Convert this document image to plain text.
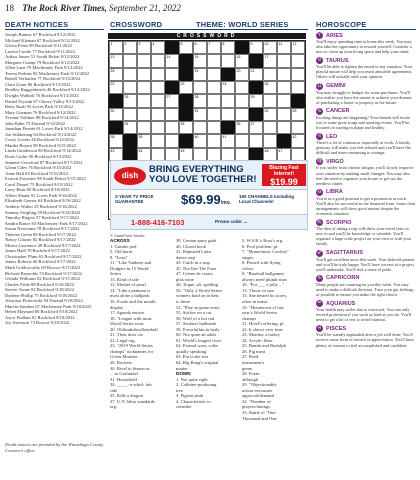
18 The Rock River Times, September 21, 2022
DEATH NOTICES	CROSSWORD	THEME: WORLD SERIES	HOROSCOPE
Joseph Rantisi 67 Rockford 9/12/2022
Michael Kleinau 67 Rockford 9/12/2022
Gloria Perez 89 Rockford 9/11/2022
Lucien Casale 77 Rockford 9/11/2022
Arthur James 51 South Beloit 9/12/2022
Margaret Cramp 79 Rockford 9/12/2022
Allen Lane 70 Machesney Park 9/12/2022
Teresa Perkins 82 Machesney Park 9/13/2022
Rubell Verkuilen 77 Rockford 9/13/2022
Clara Grant 86 Rockford 9/13/2022
Bradley Ruggenbusch 46 Rockford 9/12/2022
Dwight Walbrik 76 Rockford 9/13/2022
Daniel Frystak 67 Cherry Valley 9/13/2022
Betty Rush 95 Loves Park 9/13/2022
Mary Guzman 76 Rockford 9/12/2022
Yvonne Vollmer 88 Rockford 9/14/2022
John Rahn 75 Durand 9/14/2022
Jonathan Pinette 61 Loves Park 9/14/2022
Jon Stikkentag 64 Rockford 9/14/2022
Corey Lovins 26 Rockford 9/14/2022
Martha Bryant 98 Rockford 9/15/2022
Linda Gunderson 80 Rockford 9/14/2022
Doris Catlin 96 Rockford 9/15/2022
Jeanette Crawford 87 Rockford 9/17/2022
Glenn Giles 76 Rockford 9/15/2022
Anne Hall 65 Rockford 9/15/2022
Everett Forrester 98 South Beloit 9/15/2022
Carol Dassel 75 Rockford 9/15/2022
Larry Blair 60 Rockford 9/16/2022
Albert Shunk 91 Loves Park 9/16/2022
Elizabeth Gomez 64 Rockford 9/16/2022
Andrew Walter 25 Rockford 9/16/2022
Sammy Stripling 59 Rockford 9/16/2022
Timothy Rogers 57 Rockford 9/17/2022
Sandra Rance 83 Machesney Park 9/17/2022
Susan Newsome 78 Rockford 9/17/2022
Theresa Green 86 Rockford 9/17/2022
Nancy Glazier 82 Rockford 9/17/2022
Mosiri Lawrence 48 Rockford 9/17/2022
Joann Hadl 78 Rockford 9/17/2022
Christopher Plum 63 Rockford 9/17/2022
James Roberts 66 Rockford 9/17/2022
Mark Goldsworthy 69 Roscoe 9/17/2022
Richard Reynolds 74 Rockford 9/17/2022
Glenda Williams 82 Rockford 9/17/2022
Charles Pride 88 Rockford 9/18/2022
Steven Tonne 82 Rockford 9/18/2022
Darlene Phillip 75 Rockford 9/18/2022
Aloysius Piotrowski 94 Durand 9/18/2022
Marvin Sanders 67 Machesney Park 9/18/2022
Helen Maynard 86 Rockford 9/18/2022
Joyce Pudlam 81 Rockford 9/18/2022
Joy Swenson 73 Roscoe 9/18/2022
Death notices are provided by the Winnebago County Coroner's office.
CROSSWORD
1	2	3	4	5	6	7	8	9	10	11	12
13	14	15	16	17
18	19	20	21
22	23	24	25
26	27	28	29
30	31	32	33
34	35	36	37
38	39	40	41	42
43	44	45	46	47
dish
BRING EVERYTHING YOU LOVE TOGETHER!
Blazing Fast Internet!
$19.99
2-YEAR TV PRICE GUARANTEE	$69.99/mo.
190 CHANNELS Including Local Channels!
1-888-416-7103	Promo code: ...
© StatePoint Media
ACROSS
1. Gumbo pod
5. Old horse
8. "Lean"
11. "Like Yankees and
Dodgers in 15 World
Series
13. Kind of tale
12. Mother of pearl
14. "Like a pennant is
most alone a ballpark
16. Foods and the mouth
display
17. Agenda entries
18. "League with most
World Series wins
20. Oldtimbobvolbaseball
21. Their door car
22. Legal org.
23. "2019 World Series
champs" nicknames for
Green Monster
26. Rockets
30. Rival to Simon as
... to Garfunkel
31. Household
34. _____-a-whirl: fair
ride
35. Kills a dragon
37. U.N. labor standards
org.
38. Certain party garb
40. Closed book
41. Repeated Latin
dance step
43. Catch in a trap
45. Not like The Fonz
47. Crème de cassis
plus wine
48. Toque, alt. spelling
50. "Only 2 World Series
winners hard on tickets
to these
52. "Play-in game entry
55. Sticker on a car
56. Wolf of a hot rod
57. Seafarer hallmode
58. Forcefulfun in body
60. Not quite an adult
61. World's longest river
62. Formal wear, colla-
quially speaking
63. Put to the test
64. Big Bang's original
matter
DOWN
1. Not quite right
2. Caffeine-producing
tree
3. Pigeon peak
4. Characteristic to
consider
5. W.S.B.'s Ross's org.
6. Pool problem, pl.
7. "Momentous Cowboy"
singer
8. Passed with flying
colors
9. "Baseball ballgames
always need plumb stars
10. "For ___ a jolly ..."
13. Throw in size
15. She bested its stores,
often in music
19. "Hometown of last
year's World Series
champs
21. Hotel's offering, pl.
22. It shows over time
23. Monitor a turkey
24. Acrylic fiber
25. Bambi and Rudolph
26. Pig meat
27. Reed
instrument's
genre
28. Poetic
although
29. "Objectionable
action encounter
approval/demand
32. "Number of
players/innings
33. Battle of "One
Thousand and One
♈ ARIES
You'll enjoy spending time at home this week. You may also take the opportunity to reward yourself. Consider a new to clean up your living space and help your mind.
♉ TAURUS
You'll be able to lighten the mood in any situation. Your playful nature will help you reach amicable agreements. Others will actually seek your opinion.
♊ GEMINI
You may struggle to budget for some purchases. You'll also realize you have the means to achieve your dreams of purchasing a house or property in the future.
♋ CANCER
Exciting things are happening! Your friends will invite you to some great songs and sporting events. You'll be focused on staying in shape and healthy.
♌ LEO
There's a lot of confusion, especially at work. A family getaway will make you feel relaxed and you'll have the difficult and time-consuming to arrange.
♍ VIRGO
If you suffer from chronic fatigue, you'll slowly improve your situation by making small changes. You may also feel the need to organize your house or get out the needless clutter.
♎ LIBRA
You're in a good position to get a promotion at work. You'll also be successful in the financial front. Some clear arrangements will show good returns despite the economic situation.
♏ SCORPIO
The idea of taking a trip will show your travel fears to new to and you'll be knowledge or valuable. You'll organize a large scale project on your own or with your family.
♐ SAGITTARIUS
You'll get excellent news this week. Your beloved partner and you'll be truly happy. You'll have success at a project you'll undertake. You'll feel a sense of pride.
♑ CAPRICORN
Many people are counting on you this week. You may need to make a difficult decision. Trust your gut feelings, or possible to ensure you make the right choice.
♒ AQUARIUS
Your health may suffer due to overwork. You can only exceed profession if you work as hard as you do. You'll need to get a lot of rest to avoid burnout.
♓ PISCES
You'll be warmly applauded after a job well done. You'll receive some form of reward or appreciation. You'll have plenty of reasons to feel accomplished and confident.
